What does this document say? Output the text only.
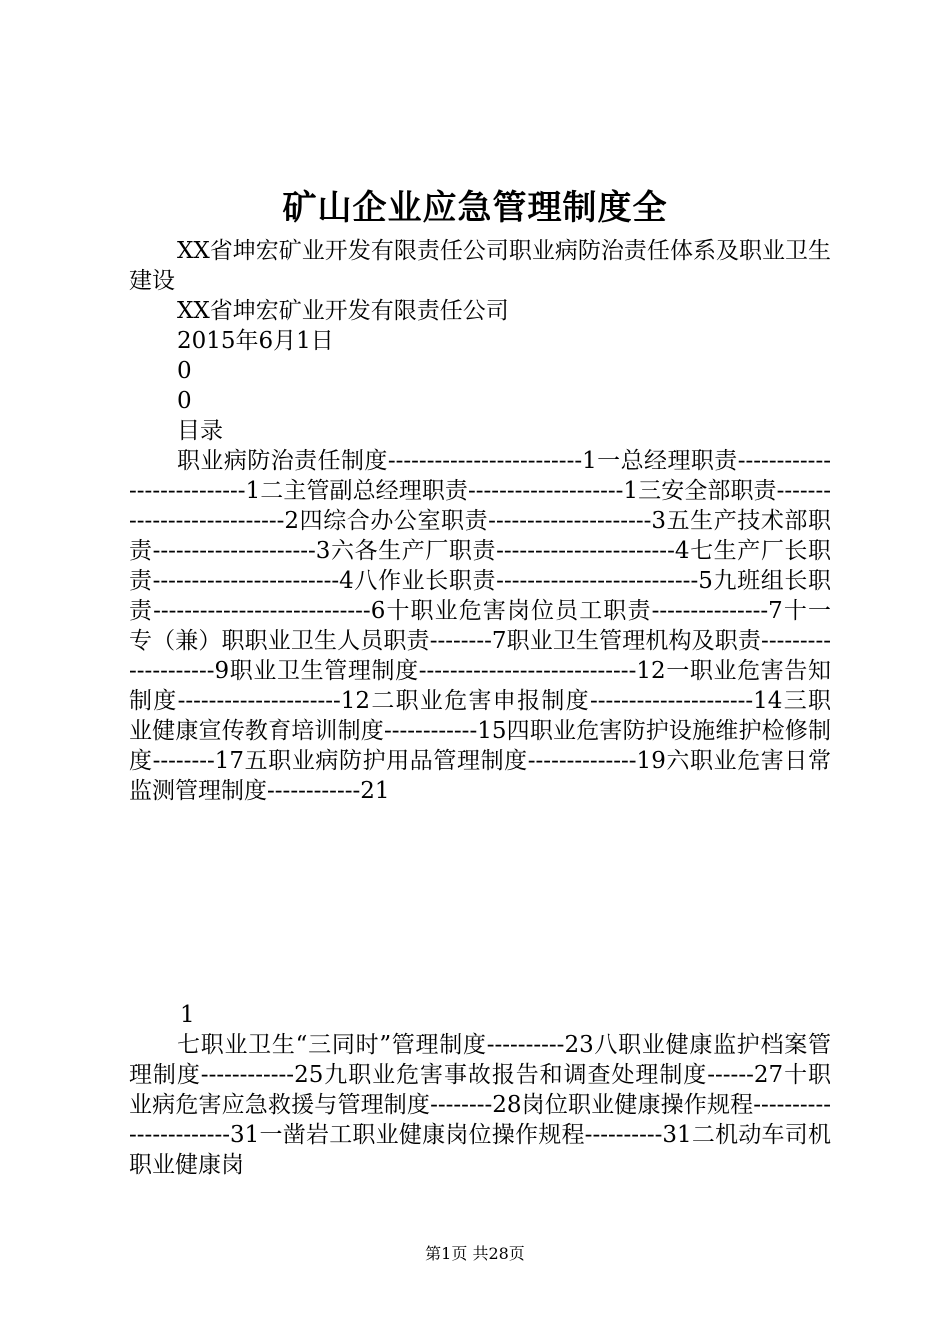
矿山企业应急管理制度全

XX省坤宏矿业开发有限责任公司职业病防治责任体系及职业卫生建设

XX省坤宏矿业开发有限责任公司

2015年6月1日

0

0

目录

职业病防治责任制度-------------------------1一总经理职责---------------------------1二主管副总经理职责--------------------1三安全部职责---------------------------2四综合办公室职责---------------------3五生产技术部职责---------------------3六各生产厂职责-----------------------4七生产厂长职责------------------------4八作业长职责--------------------------5九班组长职责----------------------------6十职业危害岗位员工职责---------------7十一专（兼）职职业卫生人员职责--------7职业卫生管理机构及职责--------------------9职业卫生管理制度----------------------------12一职业危害告知制度---------------------12二职业危害申报制度---------------------14三职业健康宣传教育培训制度------------15四职业危害防护设施维护检修制度--------17五职业病防护用品管理制度--------------19六职业危害日常监测管理制度------------21

1

七职业卫生“三同时”管理制度----------23八职业健康监护档案管理制度------------25九职业危害事故报告和调查处理制度------27十职业病危害应急救援与管理制度--------28岗位职业健康操作规程-----------------------31一凿岩工职业健康岗位操作规程----------31二机动车司机职业健康岗

第1页 共28页
